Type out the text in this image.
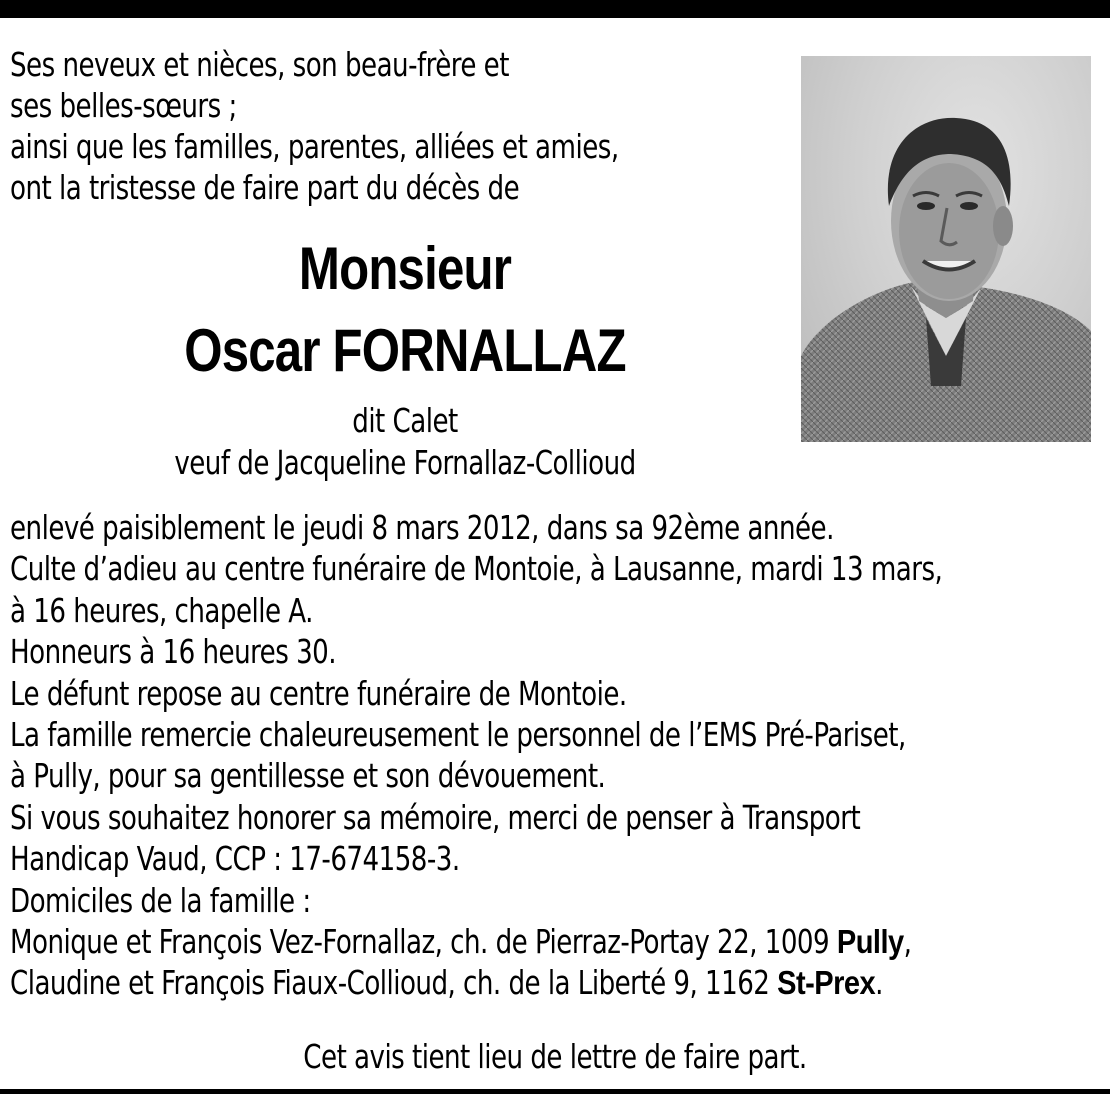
Ses neveux et nièces, son beau-frère et
ses belles-sœurs ;
ainsi que les familles, parentes, alliées et amies,
ont la tristesse de faire part du décès de
Monsieur
Oscar FORNALLAZ
dit Calet
veuf de Jacqueline Fornallaz-Collioud
enlevé paisiblement le jeudi 8 mars 2012, dans sa 92ème année.
Culte d’adieu au centre funéraire de Montoie, à Lausanne, mardi 13 mars,
à 16 heures, chapelle A.
Honneurs à 16 heures 30.
Le défunt repose au centre funéraire de Montoie.
La famille remercie chaleureusement le personnel de l’EMS Pré-Pariset,
à Pully, pour sa gentillesse et son dévouement.
Si vous souhaitez honorer sa mémoire, merci de penser à Transport
Handicap Vaud, CCP : 17-674158-3.
Domiciles de la famille :
Monique et François Vez-Fornallaz, ch. de Pierraz-Portay 22, 1009 Pully,
Claudine et François Fiaux-Collioud, ch. de la Liberté 9, 1162 St-Prex.
Cet avis tient lieu de lettre de faire part.
